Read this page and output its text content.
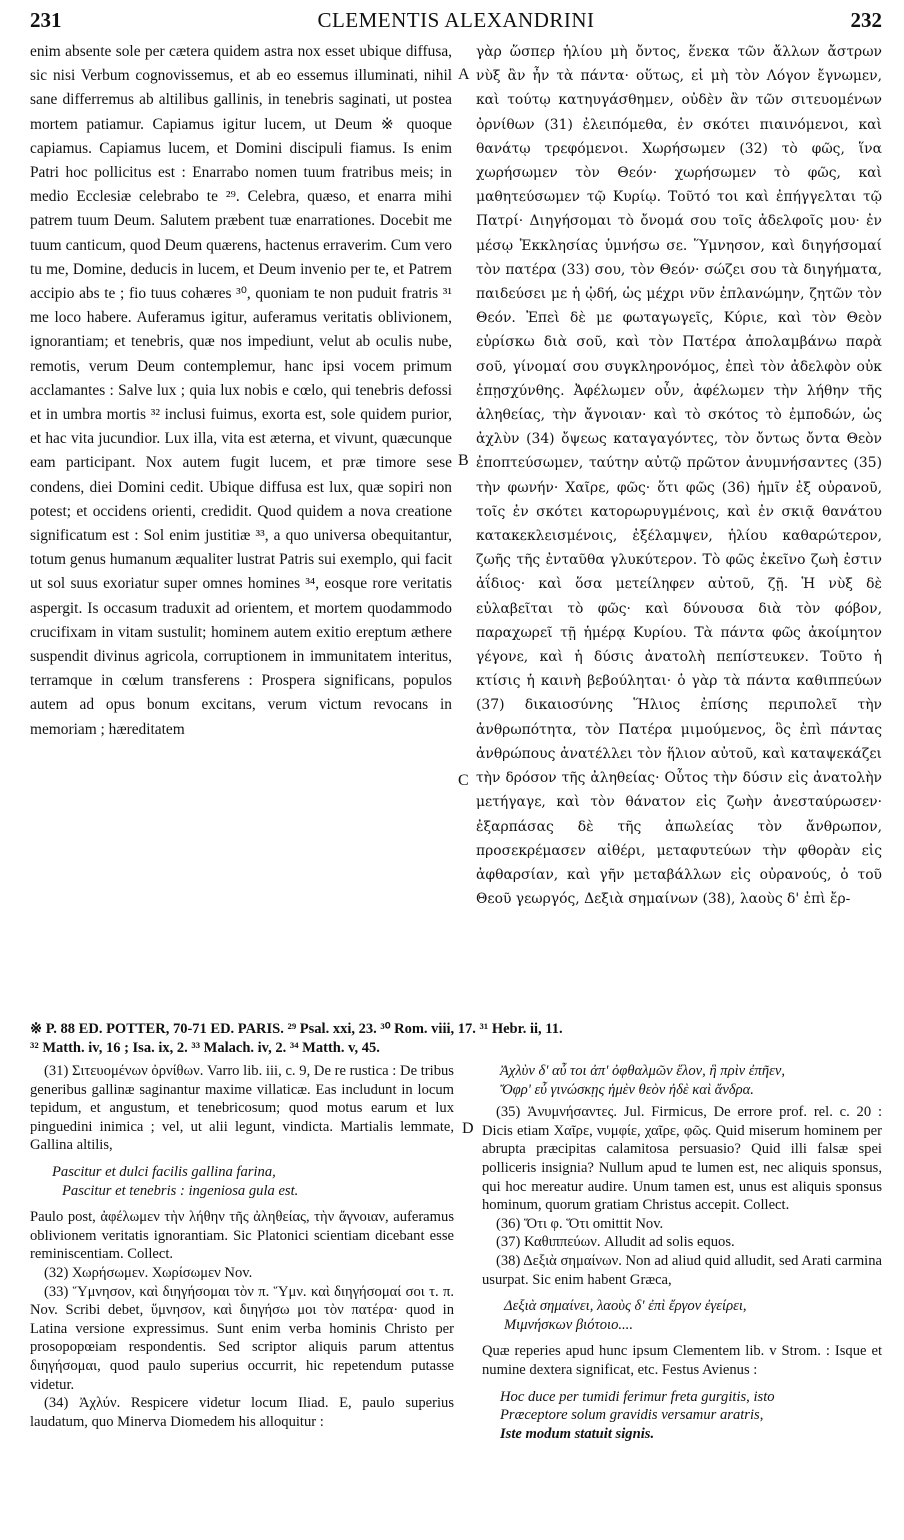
231	CLEMENTIS ALEXANDRINI	232
enim absente sole per cætera quidem astra nox esset ubique diffusa, sic nisi Verbum cognovissemus, et ab eo essemus illuminati, nihil sane differremus ab altilibus gallinis, in tenebris saginati, ut postea mortem patiamur. Capiamus igitur lucem, ut Deum ※ quoque capiamus. Capiamus lucem, et Domini discipuli fiamus. Is enim Patri hoc pollicitus est : Enarrabo nomen tuum fratribus meis; in medio Ecclesiæ celebrabo te ²⁹. Celebra, quæso, et enarra mihi patrem tuum Deum. Salutem præbent tuæ enarrationes. Docebit me tuum canticum, quod Deum quærens, hactenus erraverim. Cum vero tu me, Domine, deducis in lucem, et Deum invenio per te, et Patrem accipio abs te ; fio tuus cohæres ³⁰, quoniam te non puduit fratris ³¹ me loco habere. Auferamus igitur, auferamus veritatis oblivionem, ignorantiam; et tenebris, quæ nos impediunt, velut ab oculis nube, remotis, verum Deum contemplemur, hanc ipsi vocem primum acclamantes : Salve lux ; quia lux nobis e cœlo, qui tenebris defossi et in umbra mortis ³² inclusi fuimus, exorta est, sole quidem purior, et hac vita jucundior. Lux illa, vita est æterna, et vivunt, quæcunque eam participant. Nox autem fugit lucem, et præ timore sese condens, diei Domini cedit. Ubique diffusa est lux, quæ sopiri non potest; et occidens orienti, credidit. Quod quidem a nova creatione significatum est : Sol enim justitiæ ³³, a quo universa obequitantur, totum genus humanum æqualiter lustrat Patris sui exemplo, qui facit ut sol suus exoriatur super omnes homines ³⁴, eosque rore veritatis aspergit. Is occasum traduxit ad orientem, et mortem quodammodo crucifixam in vitam sustulit; hominem autem exitio ereptum æthere suspendit divinus agricola, corruptionem in immunitatem interitus, terramque in cœlum transferens : Prospera significans, populos autem ad opus bonum excitans, verum victum revocans in memoriam ; hæreditatem
γὰρ ὥσπερ ἡλίου μὴ ὄντος, ἕνεκα τῶν ἄλλων ἄστρων νὺξ ἂν ἦν τὰ πάντα· οὕτως, εἰ μὴ τὸν Λόγον ἔγνωμεν, καὶ τούτῳ κατηυγάσθημεν, οὐδὲν ἂν τῶν σιτευομένων ὀρνίθων (31) ἐλειπόμεθα, ἐν σκότει πιαινόμενοι, καὶ θανάτῳ τρεφόμενοι. Χωρήσωμεν (32) τὸ φῶς, ἵνα χωρήσωμεν τὸν Θεόν· χωρήσωμεν τὸ φῶς, καὶ μαθητεύσωμεν τῷ Κυρίῳ. Τοῦτό τοι καὶ ἐπήγγελται τῷ Πατρί· Διηγήσομαι τὸ ὄνομά σου τοῖς ἀδελφοῖς μου· ἐν μέσῳ Ἐκκλησίας ὑμνήσω σε. Ὕμνησον, καὶ διηγήσομαί τὸν πατέρα (33) σου, τὸν Θεόν· σώζει σου τὰ διηγήματα, παιδεύσει με ἡ ᾠδή, ὡς μέχρι νῦν ἐπλανώμην, ζητῶν τὸν Θεόν. Ἐπεὶ δὲ με φωταγωγεῖς, Κύριε, καὶ τὸν Θεὸν εὑρίσκω διὰ σοῦ, καὶ τὸν Πατέρα ἀπολαμβάνω παρὰ σοῦ, γίνομαί σου συγκληρονόμος, ἐπεὶ τὸν ἀδελφὸν οὐκ ἐπῃσχύνθης. Ἀφέλωμεν οὖν, ἀφέλωμεν τὴν λήθην τῆς ἀληθείας, τὴν ἄγνοιαν· καὶ τὸ σκότος τὸ ἐμποδών, ὡς ἀχλὺν (34) ὄψεως καταγαγόντες, τὸν ὄντως ὄντα Θεὸν ἐποπτεύσωμεν, ταύτην αὐτῷ πρῶτον ἀνυμνήσαντες (35) τὴν φωνήν· Χαῖρε, φῶς· ὅτι φῶς (36) ἡμῖν ἐξ οὐρανοῦ, τοῖς ἐν σκότει κατορωρυγμένοις, καὶ ἐν σκιᾷ θανάτου κατακεκλεισμένοις, ἐξέλαμψεν, ἡλίου καθαρώτερον, ζωῆς τῆς ἐνταῦθα γλυκύτερον. Τὸ φῶς ἐκεῖνο ζωὴ ἐστιν ἀΐδιος· καὶ ὅσα μετείληφεν αὐτοῦ, ζῇ. Ἡ νὺξ δὲ εὐλαβεῖται τὸ φῶς· καὶ δύνουσα διὰ τὸν φόβον, παραχωρεῖ τῇ ἡμέρᾳ Κυρίου. Τὰ πάντα φῶς ἀκοίμητον γέγονε, καὶ ἡ δύσις ἀνατολὴ πεπίστευκεν. Τοῦτο ἡ κτίσις ἡ καινὴ βεβούληται· ὁ γὰρ τὰ πάντα καθιππεύων (37) δικαιοσύνης Ἥλιος ἐπίσης περιπολεῖ τὴν ἀνθρωπότητα, τὸν Πατέρα μιμούμενος, ὃς ἐπὶ πάντας ἀνθρώπους ἀνατέλλει τὸν ἥλιον αὐτοῦ, καὶ καταψεκάζει τὴν δρόσον τῆς ἀληθείας· Οὗτος τὴν δύσιν εἰς ἀνατολὴν μετήγαγε, καὶ τὸν θάνατον εἰς ζωὴν ἀνεσταύρωσεν· ἐξαρπάσας δὲ τῆς ἀπωλείας τὸν ἄνθρωπον, προσεκρέμασεν αἰθέρι, μεταφυτεύων τὴν φθορὰν εἰς ἀφθαρσίαν, καὶ γῆν μεταβάλλων εἰς οὐρανούς, ὁ τοῦ Θεοῦ γεωργός, Δεξιὰ σημαίνων (38), λαοὺς δ' ἐπὶ ἔρ-
A
B
C
D
※ P. 88 ED. POTTER, 70-71 ED. PARIS. ²⁹ Psal. xxi, 23. ³⁰ Rom. viii, 17. ³¹ Hebr. ii, 11.
³² Matth. iv, 16 ; Isa. ix, 2. ³³ Malach. iv, 2. ³⁴ Matth. v, 45.

(31) Σιτευομένων ὀρνίθων. Varro lib. iii, c. 9, De re rustica : De tribus generibus gallinæ saginantur maxime villaticæ. Eas includunt in locum tepidum, et angustum, et tenebricosum; quod motus earum et lux pinguedini inimica ; vel, ut alii legunt, vindicta. Martialis lemmate, Gallina altilis,

Pascitur et dulci facilis gallina farina,
Pascitur et tenebris : ingeniosa gula est.

Paulo post, ἀφέλωμεν τὴν λήθην τῆς ἀληθείας, τὴν ἄγνοιαν, auferamus oblivionem veritatis ignorantiam. Sic Platonici scientiam dicebant esse reminiscentiam. Collect.

(32) Χωρήσωμεν. Χωρίσωμεν Nov.

(33) Ὕμνησον, καὶ διηγήσομαι τὸν π. Ὕμν. καὶ διηγήσομαί σοι τ. π. Nov. Scribi debet, ὕμνησον, καὶ διηγήσω μοι τὸν πατέρα· quod in Latina versione expressimus. Sunt enim verba hominis Christo per prosopopœiam respondentis. Sed scriptor aliquis parum attentus διηγήσομαι, quod paulo superius occurrit, hic repetendum putasse videtur.

(34) Ἀχλύν. Respicere videtur locum Iliad. E, paulo superius laudatum, quo Minerva Diomedem his alloquitur :

Ἀχλὺν δ' αὖ τοι ἀπ' ὀφθαλμῶν ἕλον, ἣ πρὶν ἐπῆεν,
Ὄφρ' εὖ γινώσκῃς ἡμὲν θεὸν ἠδὲ καὶ ἄνδρα.

(35) Ἀνυμνήσαντες. Jul. Firmicus, De errore prof. rel. c. 20 : Dicis etiam Χαῖρε, νυμφίε, χαῖρε, φῶς. Quid miserum hominem per abrupta præcipitas calamitosa persuasio? Quid illi falsæ spei polliceris insignia? Nullum apud te lumen est, nec aliquis sponsus, qui hoc mereatur audire. Unum tamen est, unus est aliquis sponsus hominum, quorum gratiam Christus accepit. Collect.

(36) Ὅτι φ. Ὅτι omittit Nov.

(37) Καθιππεύων. Alludit ad solis equos.

(38) Δεξιὰ σημαίνων. Non ad aliud quid alludit, sed Arati carmina usurpat. Sic enim habent Græca,

Δεξιὰ σημαίνει, λαοὺς δ' ἐπὶ ἔργον ἐγείρει,
Μιμνήσκων βιότοιο....

Quæ reperies apud hunc ipsum Clementem lib. v Strom. : Isque et numine dextera significat, etc. Festus Avienus :

Hoc duce per tumidi ferimur freta gurgitis, isto
Præceptore solum gravidis versamur aratris,
Iste modum statuit signis.
